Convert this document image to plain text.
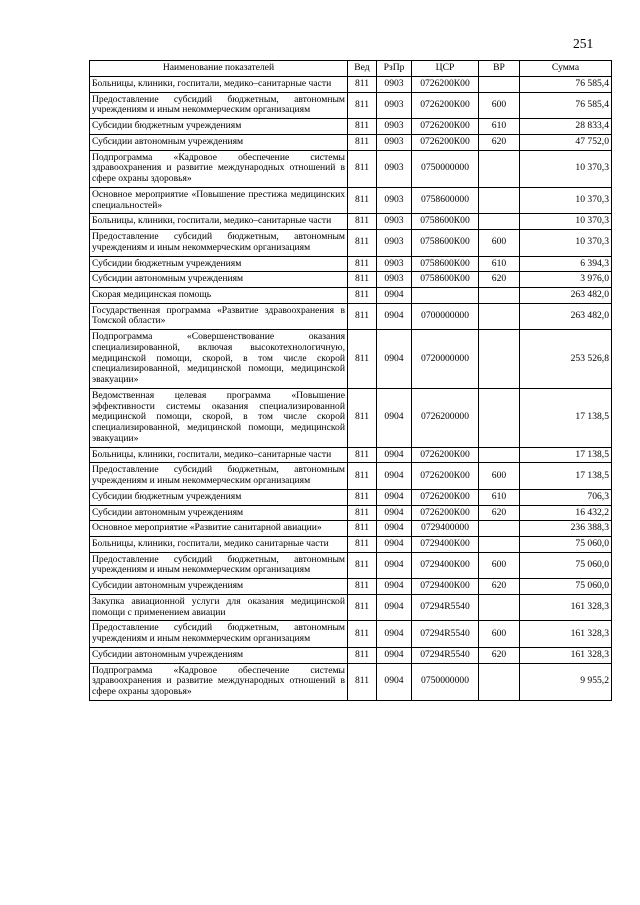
251
Наименование показателей	Вед	РзПр	ЦСР	ВР	Сумма
Больницы, клиники, госпитали, медико–санитарные части	811	0903	0726200К00		76 585,4
Предоставление субсидий бюджетным, автономным учреждениям и иным некоммерческим организациям	811	0903	0726200К00	600	76 585,4
Субсидии бюджетным учреждениям	811	0903	0726200К00	610	28 833,4
Субсидии автономным учреждениям	811	0903	0726200К00	620	47 752,0
Подпрограмма «Кадровое обеспечение системы здравоохранения и развитие международных отношений в сфере охраны здоровья»	811	0903	0750000000		10 370,3
Основное мероприятие «Повышение престижа медицинских специальностей»	811	0903	0758600000		10 370,3
Больницы, клиники, госпитали, медико–санитарные части	811	0903	0758600К00		10 370,3
Предоставление субсидий бюджетным, автономным учреждениям и иным некоммерческим организациям	811	0903	0758600К00	600	10 370,3
Субсидии бюджетным учреждениям	811	0903	0758600К00	610	6 394,3
Субсидии автономным учреждениям	811	0903	0758600К00	620	3 976,0
Скорая медицинская помощь	811	0904			263 482,0
Государственная программа «Развитие здравоохранения в Томской области»	811	0904	0700000000		263 482,0
Подпрограмма «Совершенствование оказания специализированной, включая высокотехнологичную, медицинской помощи, скорой, в том числе скорой специализированной, медицинской помощи, медицинской эвакуации»	811	0904	0720000000		253 526,8
Ведомственная целевая программа «Повышение эффективности системы оказания специализированной медицинской помощи, скорой, в том числе скорой специализированной, медицинской помощи, медицинской эвакуации»	811	0904	0726200000		17 138,5
Больницы, клиники, госпитали, медико–санитарные части	811	0904	0726200К00		17 138,5
Предоставление субсидий бюджетным, автономным учреждениям и иным некоммерческим организациям	811	0904	0726200К00	600	17 138,5
Субсидии бюджетным учреждениям	811	0904	0726200К00	610	706,3
Субсидии автономным учреждениям	811	0904	0726200К00	620	16 432,2
Основное мероприятие «Развитие санитарной авиации»	811	0904	0729400000		236 388,3
Больницы, клиники, госпитали, медико санитарные части	811	0904	0729400К00		75 060,0
Предоставление субсидий бюджетным, автономным учреждениям и иным некоммерческим организациям	811	0904	0729400К00	600	75 060,0
Субсидии автономным учреждениям	811	0904	0729400К00	620	75 060,0
Закупка авиационной услуги для оказания медицинской помощи с применением авиации	811	0904	07294R5540		161 328,3
Предоставление субсидий бюджетным, автономным учреждениям и иным некоммерческим организациям	811	0904	07294R5540	600	161 328,3
Субсидии автономным учреждениям	811	0904	07294R5540	620	161 328,3
Подпрограмма «Кадровое обеспечение системы здравоохранения и развитие международных отношений в сфере охраны здоровья»	811	0904	0750000000		9 955,2
